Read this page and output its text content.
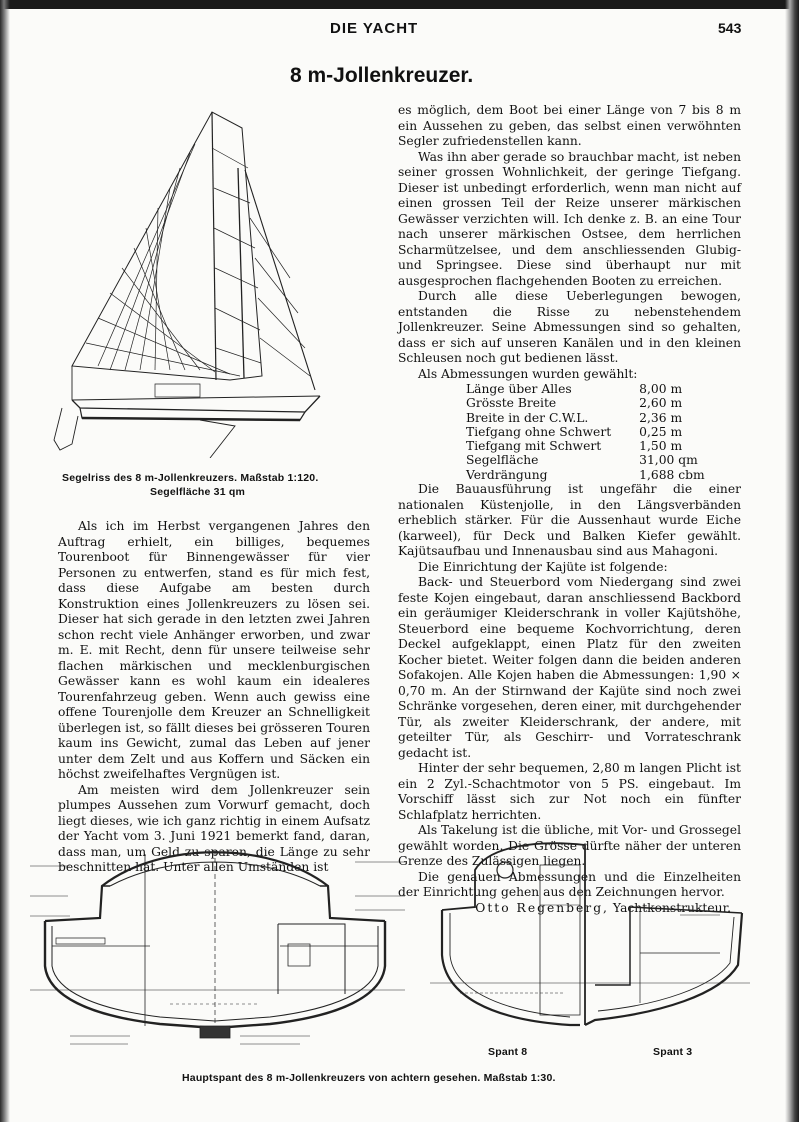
DIE YACHT	543
8 m-Jollenkreuzer.
Segelriss des 8 m-Jollenkreuzers. Maßstab 1:120.
Segelfläche 31 qm

Als ich im Herbst vergangenen Jahres den Auftrag erhielt, ein billiges, bequemes Tourenboot für Binnengewässer für vier Personen zu entwerfen, stand es für mich fest, dass diese Aufgabe am besten durch Konstruktion eines Jollenkreuzers zu lösen sei. Dieser hat sich gerade in den letzten zwei Jahren schon recht viele Anhänger erworben, und zwar m. E. mit Recht, denn für unsere teilweise sehr flachen märkischen und mecklenburgischen Gewässer kann es wohl kaum ein idealeres Tourenfahrzeug geben. Wenn auch gewiss eine offene Tourenjolle dem Kreuzer an Schnelligkeit überlegen ist, so fällt dieses bei grösseren Touren kaum ins Gewicht, zumal das Leben auf jener unter dem Zelt und aus Koffern und Säcken ein höchst zweifelhaftes Vergnügen ist.

Am meisten wird dem Jollenkreuzer sein plumpes Aussehen zum Vorwurf gemacht, doch liegt dieses, wie ich ganz richtig in einem Aufsatz der Yacht vom 3. Juni 1921 bemerkt fand, daran, dass man, um Geld zu sparen, die Länge zu sehr beschnitten hat. Unter allen Umständen ist

es möglich, dem Boot bei einer Länge von 7 bis 8 m ein Aussehen zu geben, das selbst einen verwöhnten Segler zufriedenstellen kann.

Was ihn aber gerade so brauchbar macht, ist neben seiner grossen Wohnlichkeit, der geringe Tiefgang. Dieser ist unbedingt erforderlich, wenn man nicht auf einen grossen Teil der Reize unserer märkischen Gewässer verzichten will. Ich denke z. B. an eine Tour nach unserer märkischen Ostsee, dem herrlichen Scharmützelsee, und dem anschliessenden Glubig- und Springsee. Diese sind überhaupt nur mit ausgesprochen flachgehenden Booten zu erreichen.

Durch alle diese Ueberlegungen bewogen, entstanden die Risse zu nebenstehendem Jollenkreuzer. Seine Abmessungen sind so gehalten, dass er sich auf unseren Kanälen und in den kleinen Schleusen noch gut bedienen lässt.

Als Abmessungen wurden gewählt:

Länge über Alles	8,00 m
Grösste Breite	2,60 m
Breite in der C.W.L.	2,36 m
Tiefgang ohne Schwert	0,25 m
Tiefgang mit Schwert	1,50 m
Segelfläche	31,00 qm
Verdrängung	1,688 cbm

Die Bauausführung ist ungefähr die einer nationalen Küstenjolle, in den Längsverbänden erheblich stärker. Für die Aussenhaut wurde Eiche (karweel), für Deck und Balken Kiefer gewählt. Kajütsaufbau und Innenausbau sind aus Mahagoni.

Die Einrichtung der Kajüte ist folgende:

Back- und Steuerbord vom Niedergang sind zwei feste Kojen eingebaut, daran anschliessend Backbord ein geräumiger Kleiderschrank in voller Kajütshöhe, Steuerbord eine bequeme Kochvorrichtung, deren Deckel aufgeklappt, einen Platz für den zweiten Kocher bietet. Weiter folgen dann die beiden anderen Sofakojen. Alle Kojen haben die Abmessungen: 1,90 × 0,70 m. An der Stirnwand der Kajüte sind noch zwei Schränke vorgesehen, deren einer, mit durchgehender Tür, als zweiter Kleiderschrank, der andere, mit geteilter Tür, als Geschirr- und Vorrateschrank gedacht ist.

Hinter der sehr bequemen, 2,80 m langen Plicht ist ein 2 Zyl.-Schachtmotor von 5 PS. eingebaut. Im Vorschiff lässt sich zur Not noch ein fünfter Schlafplatz herrichten.

Als Takelung ist die übliche, mit Vor- und Grossegel gewählt worden. Die Grösse dürfte näher der unteren Grenze des Zulässigen liegen.

Die genauen Abmessungen und die Einzelheiten der Einrichtung gehen aus den Zeichnungen hervor.

Otto Regenberg, Yachtkonstrukteur.

Spant 8	Spant 3
Hauptspant des 8 m-Jollenkreuzers von achtern gesehen. Maßstab 1:30.
